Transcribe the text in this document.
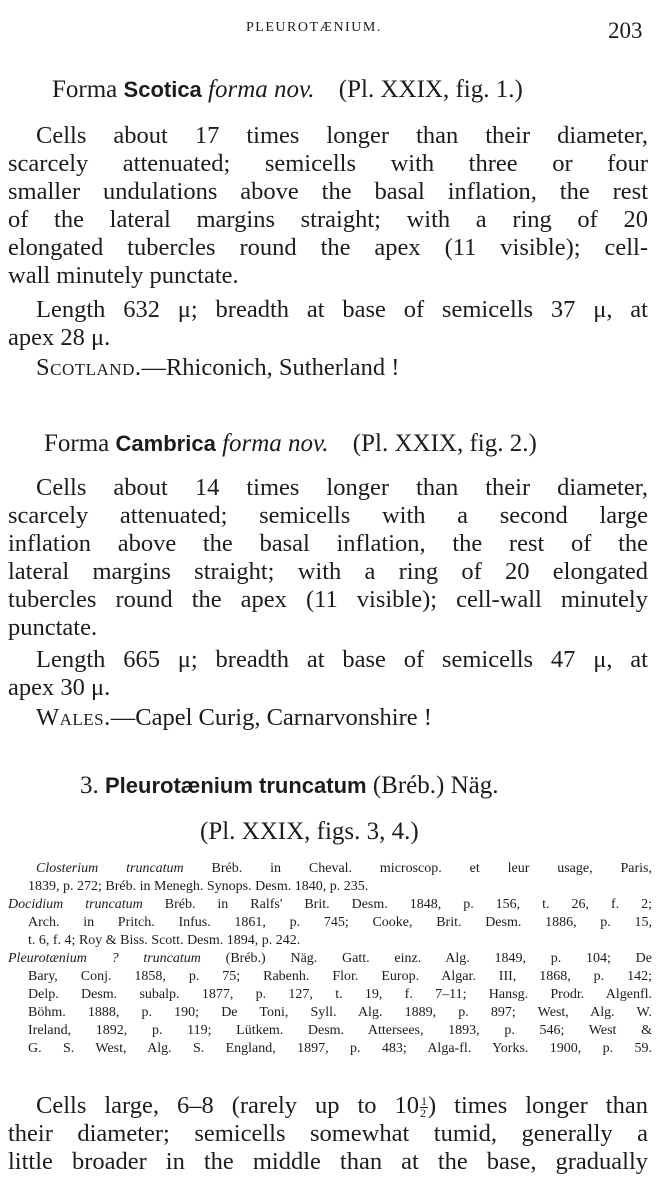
PLEUROTÆNIUM.	203
Forma Scotica forma nov. (Pl. XXIX, fig. 1.)
Cells about 17 times longer than their diameter,
scarcely attenuated; semicells with three or four
smaller undulations above the basal inflation, the rest
of the lateral margins straight; with a ring of 20
elongated tubercles round the apex (11 visible); cell-
wall minutely punctate.
Length 632 μ; breadth at base of semicells 37 μ, at
apex 28 μ.
Scotland.—Rhiconich, Sutherland !
Forma Cambrica forma nov. (Pl. XXIX, fig. 2.)
Cells about 14 times longer than their diameter,
scarcely attenuated; semicells with a second large
inflation above the basal inflation, the rest of the
lateral margins straight; with a ring of 20 elongated
tubercles round the apex (11 visible); cell-wall minutely
punctate.
Length 665 μ; breadth at base of semicells 47 μ, at
apex 30 μ.
Wales.—Capel Curig, Carnarvonshire !
3. Pleurotænium truncatum (Bréb.) Näg.
(Pl. XXIX, figs. 3, 4.)
Closterium truncatum Bréb. in Cheval. microscop. et leur usage, Paris,
1839, p. 272; Bréb. in Menegh. Synops. Desm. 1840, p. 235.
Docidium truncatum Bréb. in Ralfs' Brit. Desm. 1848, p. 156, t. 26, f. 2;
Arch. in Pritch. Infus. 1861, p. 745; Cooke, Brit. Desm. 1886, p. 15,
t. 6, f. 4; Roy & Biss. Scott. Desm. 1894, p. 242.
Pleurotænium ? truncatum (Bréb.) Näg. Gatt. einz. Alg. 1849, p. 104; De
Bary, Conj. 1858, p. 75; Rabenh. Flor. Europ. Algar. III, 1868, p. 142;
Delp. Desm. subalp. 1877, p. 127, t. 19, f. 7–11; Hansg. Prodr. Algenfl.
Böhm. 1888, p. 190; De Toni, Syll. Alg. 1889, p. 897; West, Alg. W.
Ireland, 1892, p. 119; Lütkem. Desm. Attersees, 1893, p. 546; West &
G. S. West, Alg. S. England, 1897, p. 483; Alga-fl. Yorks. 1900, p. 59.
Cells large, 6–8 (rarely up to $10 \frac{1}{2}$ ) times longer than
their diameter; semicells somewhat tumid, generally a
little broader in the middle than at the base, gradually
